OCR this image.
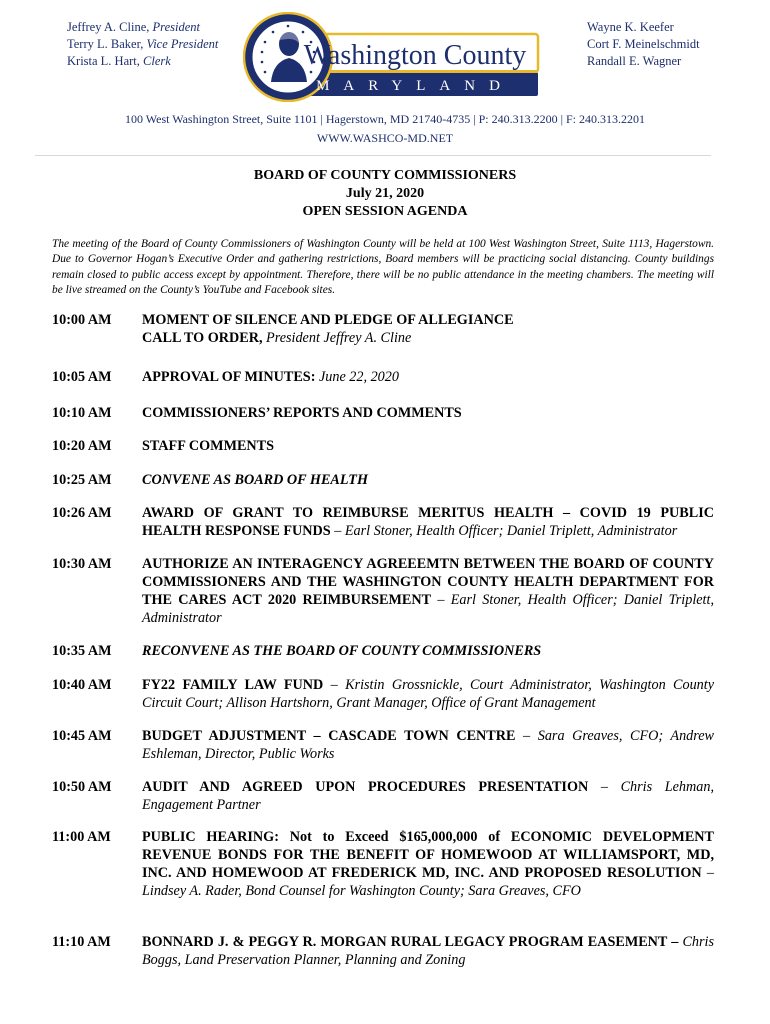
Jeffrey A. Cline, President
Terry L. Baker, Vice President
Krista L. Hart, Clerk	Washington County
MARYLAND
1776
Wayne K. Keefer
Cort F. Meinelschmidt
Randall E. Wagner
100 West Washington Street, Suite 1101 | Hagerstown, MD 21740-4735 | P: 240.313.2200 | F: 240.313.2201
WWW.WASHCO-MD.NET
BOARD OF COUNTY COMMISSIONERS
July 21, 2020
OPEN SESSION AGENDA
The meeting of the Board of County Commissioners of Washington County will be held at 100 West Washington Street, Suite 1113, Hagerstown. Due to Governor Hogan’s Executive Order and gathering restrictions, Board members will be practicing social distancing. County buildings remain closed to public access except by appointment. Therefore, there will be no public attendance in the meeting chambers. The meeting will be live streamed on the County’s YouTube and Facebook sites.
10:00 AM MOMENT OF SILENCE AND PLEDGE OF ALLEGIANCE
CALL TO ORDER, President Jeffrey A. Cline
10:05 AM APPROVAL OF MINUTES: June 22, 2020
10:10 AM COMMISSIONERS’ REPORTS AND COMMENTS
10:20 AM STAFF COMMENTS
10:25 AM CONVENE AS BOARD OF HEALTH
10:26 AM AWARD OF GRANT TO REIMBURSE MERITUS HEALTH – COVID 19 PUBLIC HEALTH RESPONSE FUNDS – Earl Stoner, Health Officer; Daniel Triplett, Administrator
10:30 AM AUTHORIZE AN INTERAGENCY AGREEEMTN BETWEEN THE BOARD OF COUNTY COMMISSIONERS AND THE WASHINGTON COUNTY HEALTH DEPARTMENT FOR THE CARES ACT 2020 REIMBURSEMENT – Earl Stoner, Health Officer; Daniel Triplett, Administrator
10:35 AM RECONVENE AS THE BOARD OF COUNTY COMMISSIONERS
10:40 AM FY22 FAMILY LAW FUND – Kristin Grossnickle, Court Administrator, Washington County Circuit Court; Allison Hartshorn, Grant Manager, Office of Grant Management
10:45 AM BUDGET ADJUSTMENT – CASCADE TOWN CENTRE – Sara Greaves, CFO; Andrew Eshleman, Director, Public Works
10:50 AM AUDIT AND AGREED UPON PROCEDURES PRESENTATION – Chris Lehman, Engagement Partner
11:00 AM PUBLIC HEARING: Not to Exceed $165,000,000 of ECONOMIC DEVELOPMENT REVENUE BONDS FOR THE BENEFIT OF HOMEWOOD AT WILLIAMSPORT, MD, INC. AND HOMEWOOD AT FREDERICK MD, INC. AND PROPOSED RESOLUTION – Lindsey A. Rader, Bond Counsel for Washington County; Sara Greaves, CFO
11:10 AM BONNARD J. & PEGGY R. MORGAN RURAL LEGACY PROGRAM EASEMENT – Chris Boggs, Land Preservation Planner, Planning and Zoning
